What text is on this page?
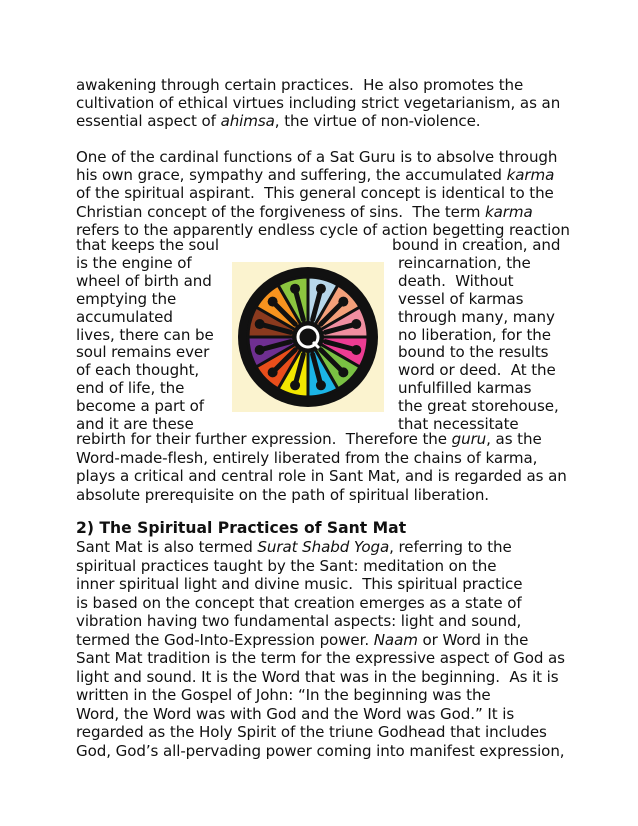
awakening through certain practices.  He also promotes the
cultivation of ethical virtues including strict vegetarianism, as an
essential aspect of ahimsa, the virtue of non-violence.
One of the cardinal functions of a Sat Guru is to absolve through
his own grace, sympathy and suffering, the accumulated karma
of the spiritual aspirant.  This general concept is identical to the
Christian concept of the forgiveness of sins.  The term karma
refers to the apparently endless cycle of action begetting reaction
that keeps the soul
is the engine of
wheel of birth and
emptying the
accumulated
lives, there can be
soul remains ever
of each thought,
end of life, the
become a part of
and it are these
bound in creation, and
reincarnation, the
death.  Without
vessel of karmas
through many, many
no liberation, for the
bound to the results
word or deed.  At the
unfulfilled karmas
the great storehouse,
that necessitate
rebirth for their further expression.  Therefore the guru, as the
Word-made-flesh, entirely liberated from the chains of karma,
plays a critical and central role in Sant Mat, and is regarded as an
absolute prerequisite on the path of spiritual liberation.
2) The Spiritual Practices of Sant Mat
Sant Mat is also termed Surat Shabd Yoga, referring to the
spiritual practices taught by the Sant: meditation on the
inner spiritual light and divine music.  This spiritual practice
is based on the concept that creation emerges as a state of
vibration having two fundamental aspects: light and sound,
termed the God-Into-Expression power. Naam or Word in the
Sant Mat tradition is the term for the expressive aspect of God as
light and sound. It is the Word that was in the beginning.  As it is
written in the Gospel of John: “In the beginning was the
Word, the Word was with God and the Word was God.” It is
regarded as the Holy Spirit of the triune Godhead that includes
God, God’s all-pervading power coming into manifest expression,
